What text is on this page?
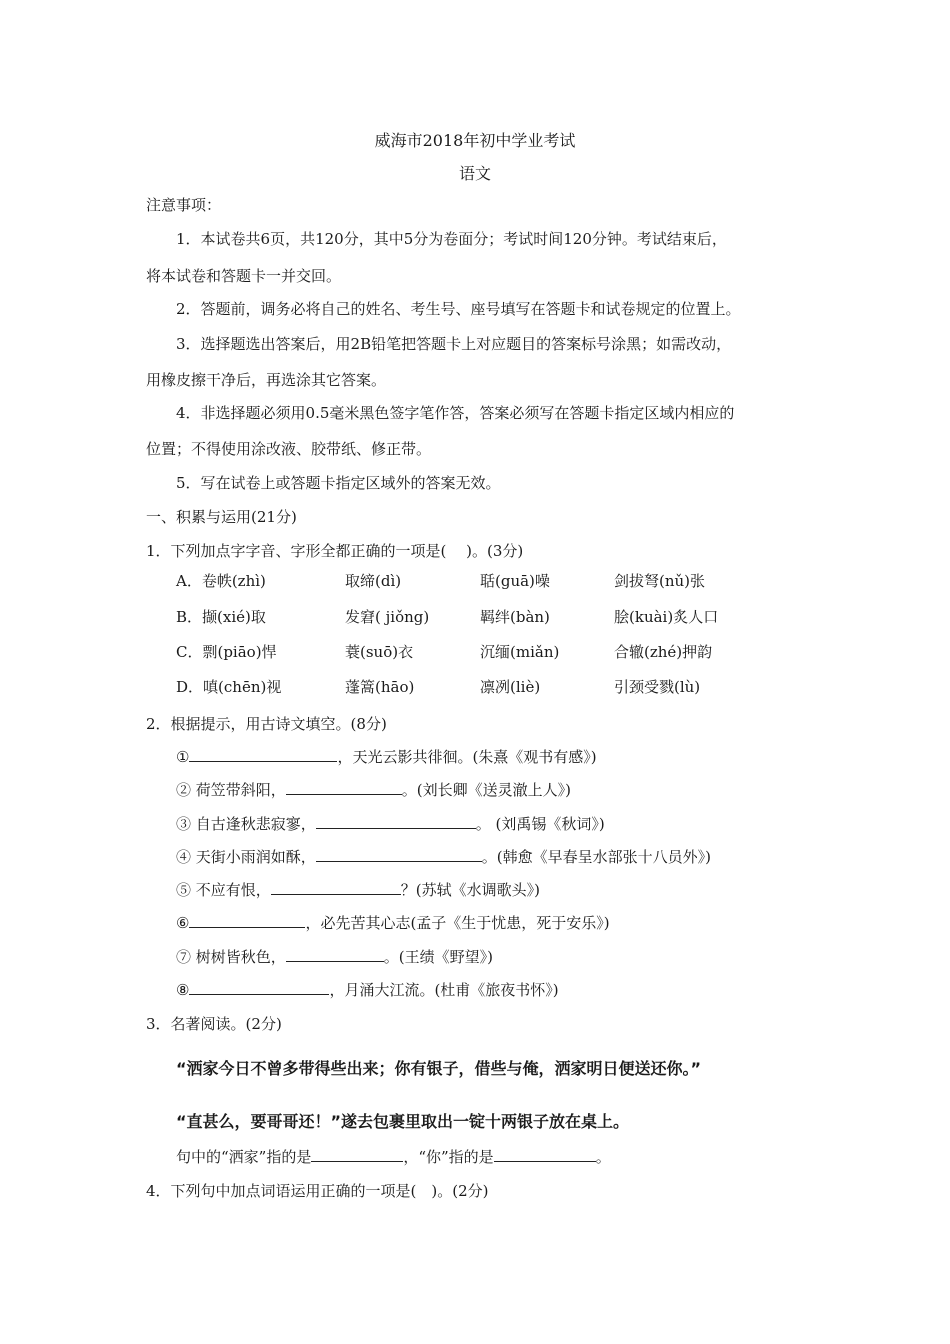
威海市2018年初中学业考试
语文
注意事项：
1．本试卷共6页，共120分，其中5分为卷面分；考试时间120分钟。考试结束后，
将本试卷和答题卡一并交回。
2．答题前，调务必将自己的姓名、考生号、座号填写在答题卡和试卷规定的位置上。
3．选择题选出答案后，用2B铅笔把答题卡上对应题目的答案标号涂黑；如需改动，
用橡皮擦干净后，再选涂其它答案。
4．非选择题必须用0.5毫米黑色签字笔作答，答案必须写在答题卡指定区域内相应的
位置；不得使用涂改液、胶带纸、修正带。
5．写在试卷上或答题卡指定区域外的答案无效。
一、积累与运用(21分)
1．下列加点字字音、字形全都正确的一项是(　 )。(3分)
A．卷帙(zhì)	取缔(dì)	聒(guā)噪	剑拔弩(nǔ)张
B．撷(xié)取	发窘( jiǒng)	羁绊(bàn)	脍(kuài)炙人口
C．剽(piāo)悍	蓑(suō)衣	沉缅(miǎn)	合辙(zhé)押韵
D．嗔(chēn)视	蓬篙(hāo)	凛冽(liè)	引颈受戮(lù)
2．根据提示，用古诗文填空。(8分)
①	，天光云影共徘徊。(朱熹《观书有感》)
② 荷笠带斜阳，	。(刘长卿《送灵澈上人》)
③ 自古逢秋悲寂寥，	。 (刘禹锡《秋词》)
④ 天街小雨润如酥，	。(韩愈《早春呈水部张十八员外》)
⑤ 不应有恨，	？(苏轼《水调歌头》)
⑥	，必先苦其心志(孟子《生于忧患，死于安乐》)
⑦ 树树皆秋色，	。(王绩《野望》)
⑧	，月涌大江流。(杜甫《旅夜书怀》)
3．名著阅读。(2分)
“洒家今日不曾多带得些出来；你有银子，借些与俺，洒家明日便送还你。”
“直甚么，要哥哥还！”遂去包裹里取出一锭十两银子放在桌上。
句中的“洒家”指的是	，“你”指的是	。
4．下列句中加点词语运用正确的一项是(　)。(2分)
